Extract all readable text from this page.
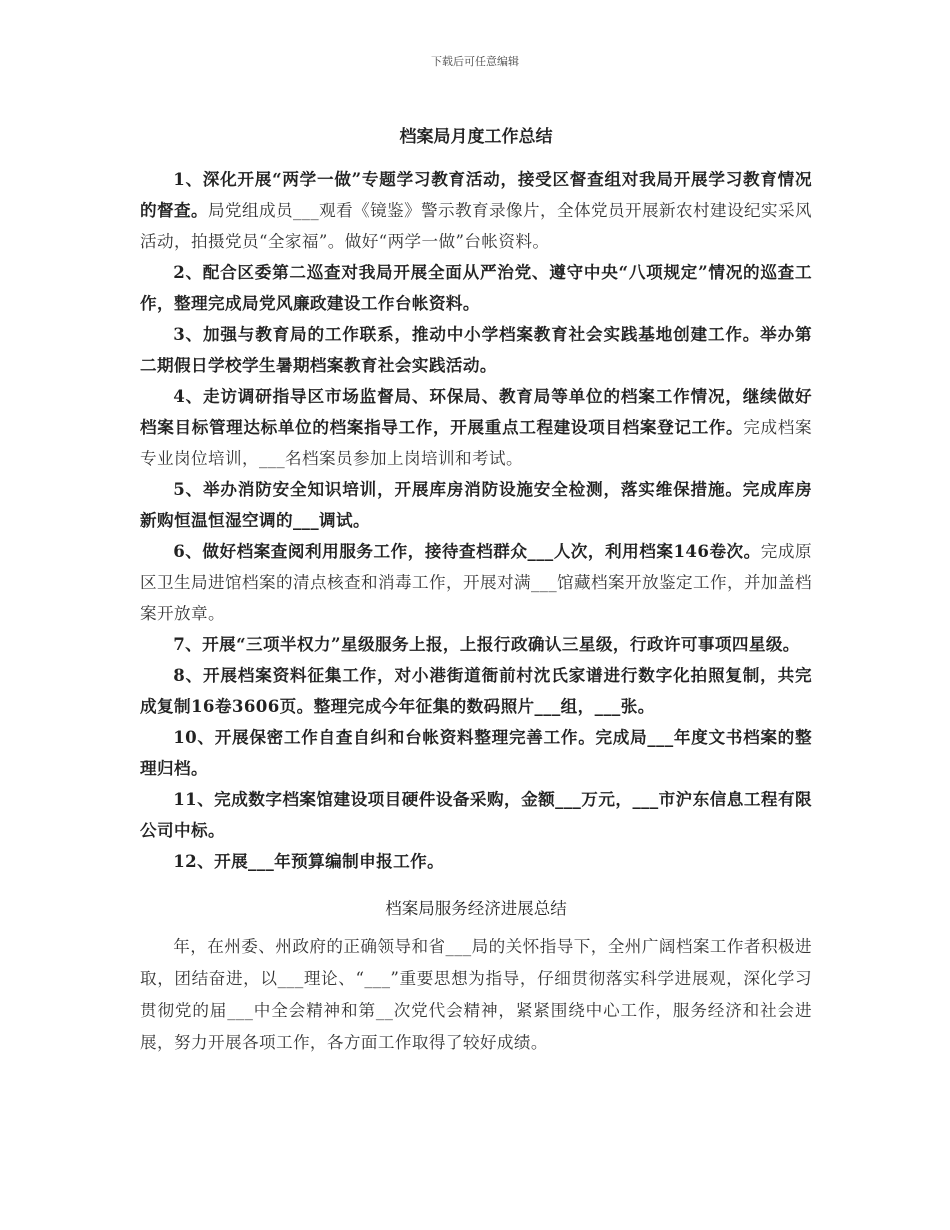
下载后可任意编辑
档案局月度工作总结

1、深化开展“两学一做”专题学习教育活动，接受区督查组对我局开展学习教育情况的督查。局党组成员___观看《镜鉴》警示教育录像片，全体党员开展新农村建设纪实采风活动，拍摄党员“全家福”。做好“两学一做”台帐资料。

2、配合区委第二巡查对我局开展全面从严治党、遵守中央“八项规定”情况的巡查工作，整理完成局党风廉政建设工作台帐资料。

3、加强与教育局的工作联系，推动中小学档案教育社会实践基地创建工作。举办第二期假日学校学生暑期档案教育社会实践活动。

4、走访调研指导区市场监督局、环保局、教育局等单位的档案工作情况，继续做好档案目标管理达标单位的档案指导工作，开展重点工程建设项目档案登记工作。完成档案专业岗位培训，___名档案员参加上岗培训和考试。

5、举办消防安全知识培训，开展库房消防设施安全检测，落实维保措施。完成库房新购恒温恒湿空调的___调试。

6、做好档案查阅利用服务工作，接待查档群众___人次，利用档案146卷次。完成原区卫生局进馆档案的清点核查和消毒工作，开展对满___馆藏档案开放鉴定工作，并加盖档案开放章。

7、开展“三项半权力”星级服务上报，上报行政确认三星级，行政许可事项四星级。

8、开展档案资料征集工作，对小港街道衙前村沈氏家谱进行数字化拍照复制，共完成复制16卷3606页。整理完成今年征集的数码照片___组，___张。

10、开展保密工作自查自纠和台帐资料整理完善工作。完成局___年度文书档案的整理归档。

11、完成数字档案馆建设项目硬件设备采购，金额___万元，___市沪东信息工程有限公司中标。

12、开展___年预算编制申报工作。

档案局服务经济进展总结

年，在州委、州政府的正确领导和省___局的关怀指导下，全州广阔档案工作者积极进取，团结奋进，以___理论、“___”重要思想为指导，仔细贯彻落实科学进展观，深化学习贯彻党的届___中全会精神和第__次党代会精神，紧紧围绕中心工作，服务经济和社会进展，努力开展各项工作，各方面工作取得了较好成绩。
